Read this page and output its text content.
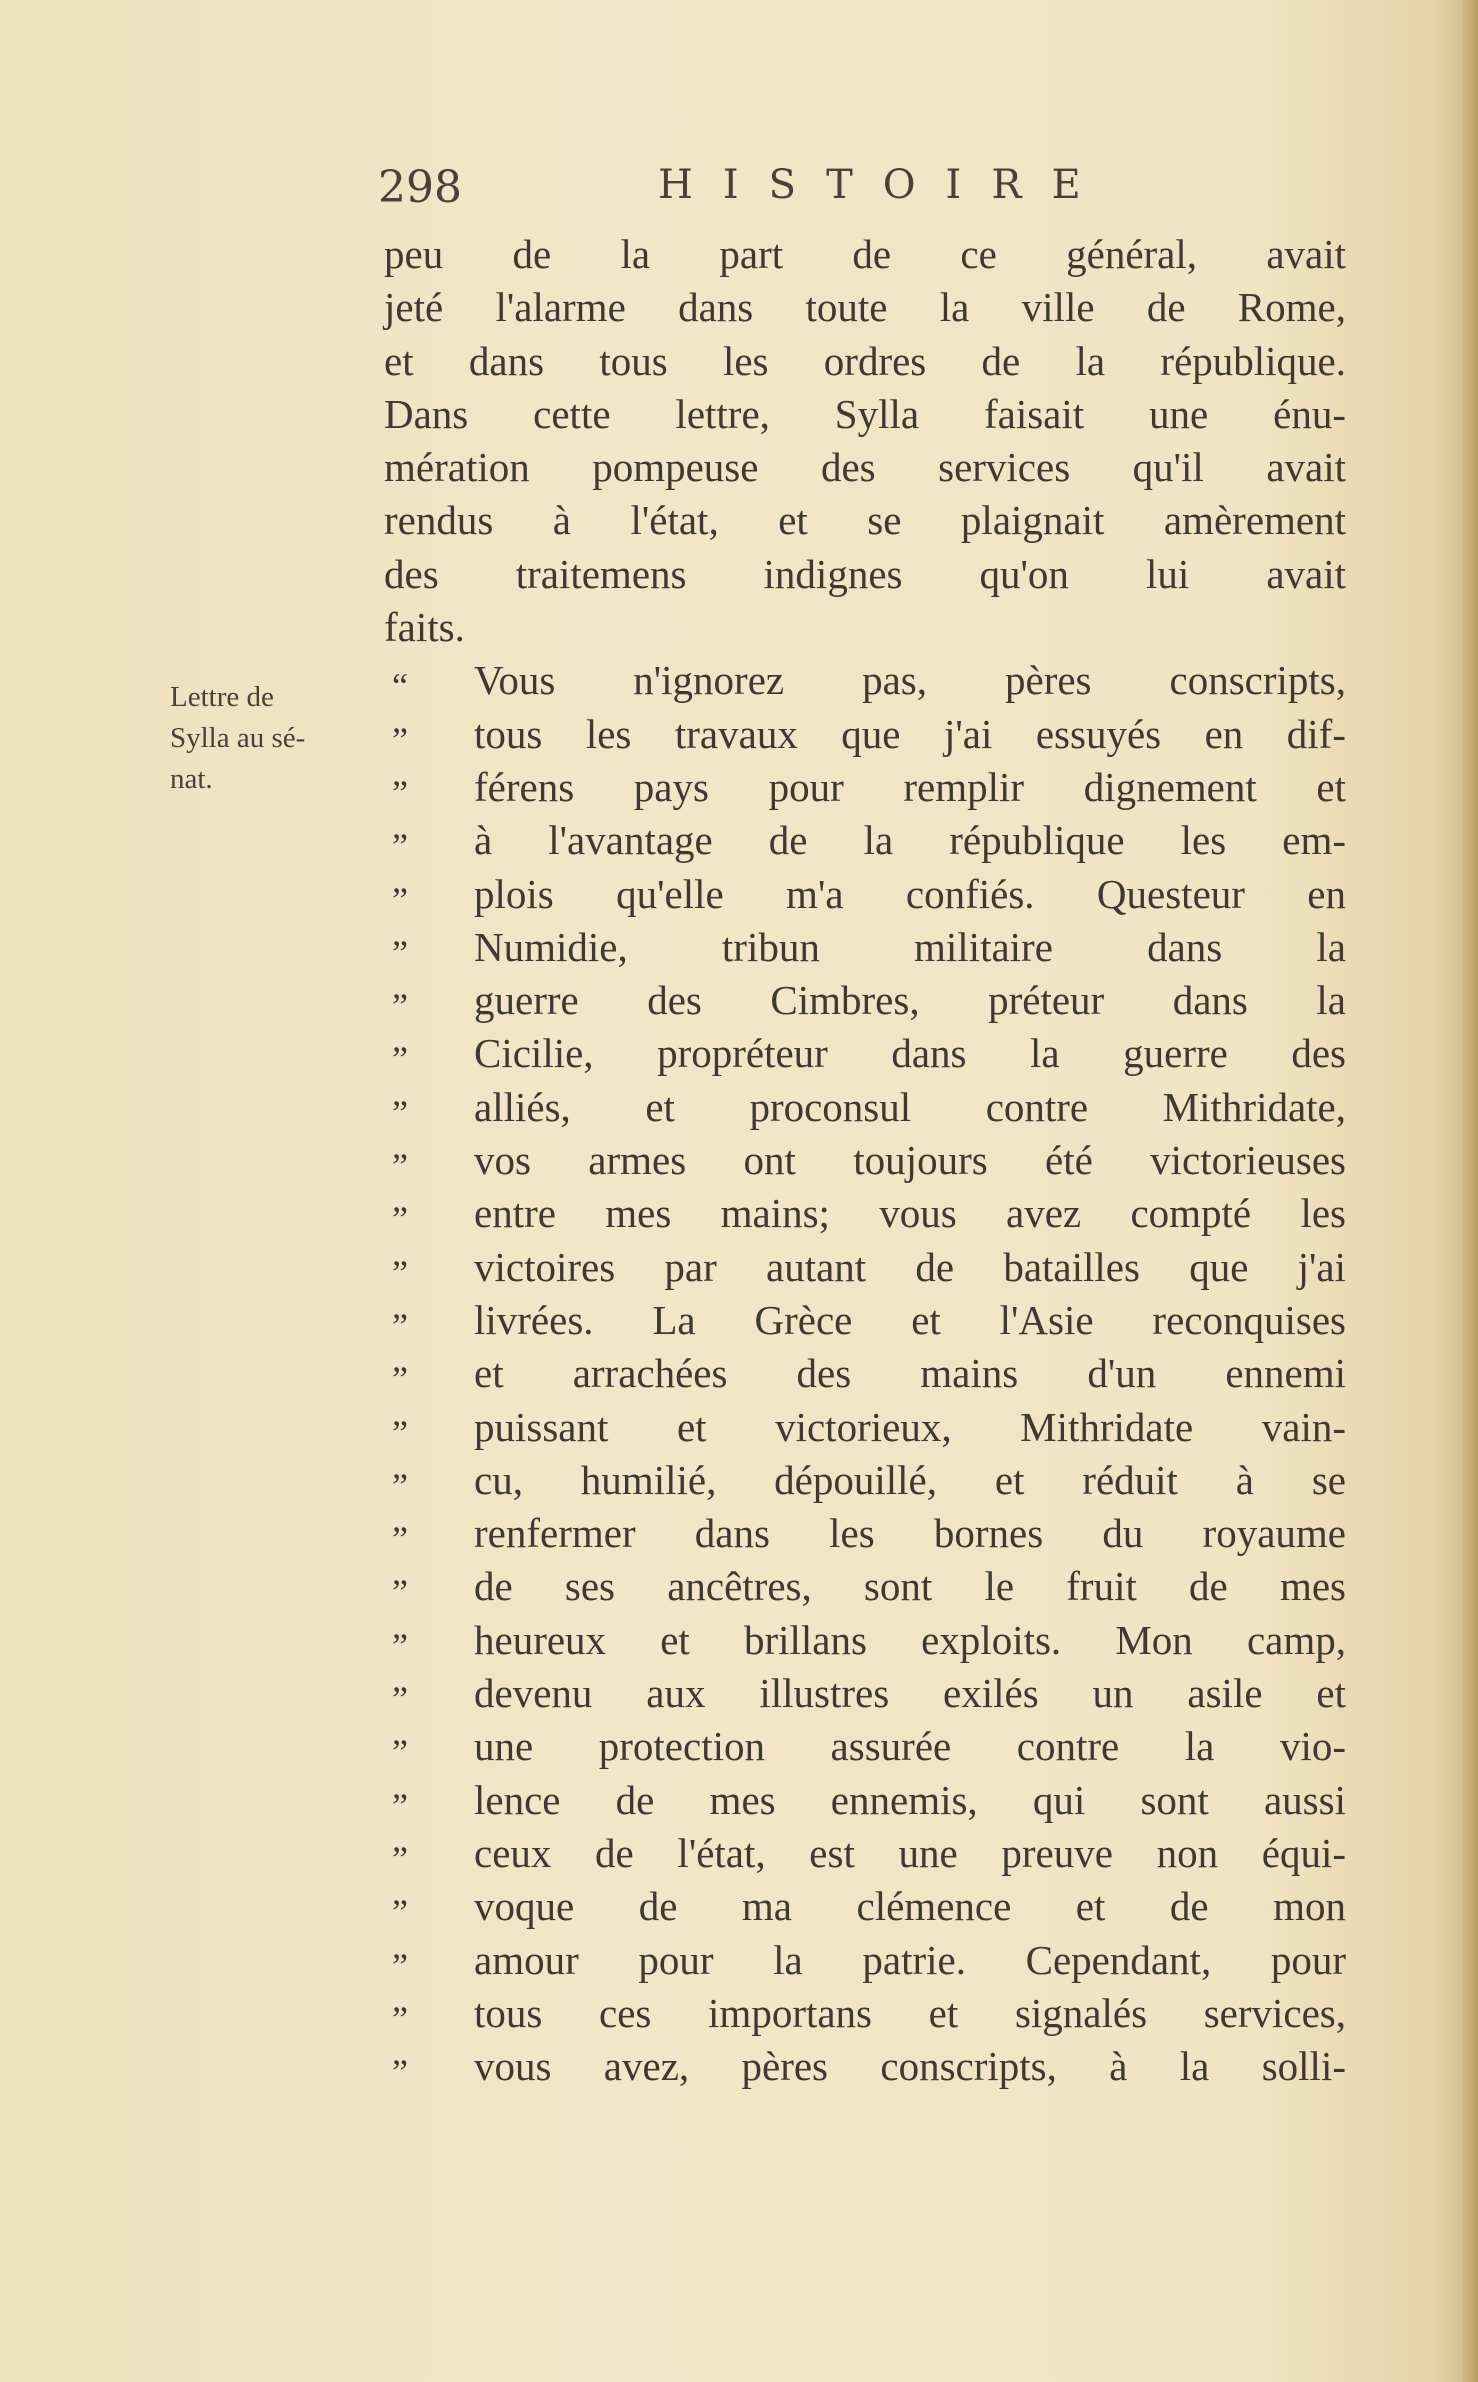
298	HISTOIRE
Lettre de
Sylla au sé-
nat.
peu de la part de ce général, avait
jeté l'alarme dans toute la ville de Rome,
et dans tous les ordres de la république.
Dans cette lettre, Sylla faisait une énu-
mération pompeuse des services qu'il avait
rendus à l'état, et se plaignait amèrement
des traitemens indignes qu'on lui avait
faits.
“ Vous n'ignorez pas, pères conscripts,
” tous les travaux que j'ai essuyés en dif-
” férens pays pour remplir dignement et
” à l'avantage de la république les em-
” plois qu'elle m'a confiés. Questeur en
” Numidie, tribun militaire dans la
” guerre des Cimbres, préteur dans la
” Cicilie, propréteur dans la guerre des
” alliés, et proconsul contre Mithridate,
” vos armes ont toujours été victorieuses
” entre mes mains; vous avez compté les
” victoires par autant de batailles que j'ai
” livrées. La Grèce et l'Asie reconquises
” et arrachées des mains d'un ennemi
” puissant et victorieux, Mithridate vain-
” cu, humilié, dépouillé, et réduit à se
” renfermer dans les bornes du royaume
” de ses ancêtres, sont le fruit de mes
” heureux et brillans exploits. Mon camp,
” devenu aux illustres exilés un asile et
” une protection assurée contre la vio-
” lence de mes ennemis, qui sont aussi
” ceux de l'état, est une preuve non équi-
” voque de ma clémence et de mon
” amour pour la patrie. Cependant, pour
” tous ces importans et signalés services,
” vous avez, pères conscripts, à la solli-
